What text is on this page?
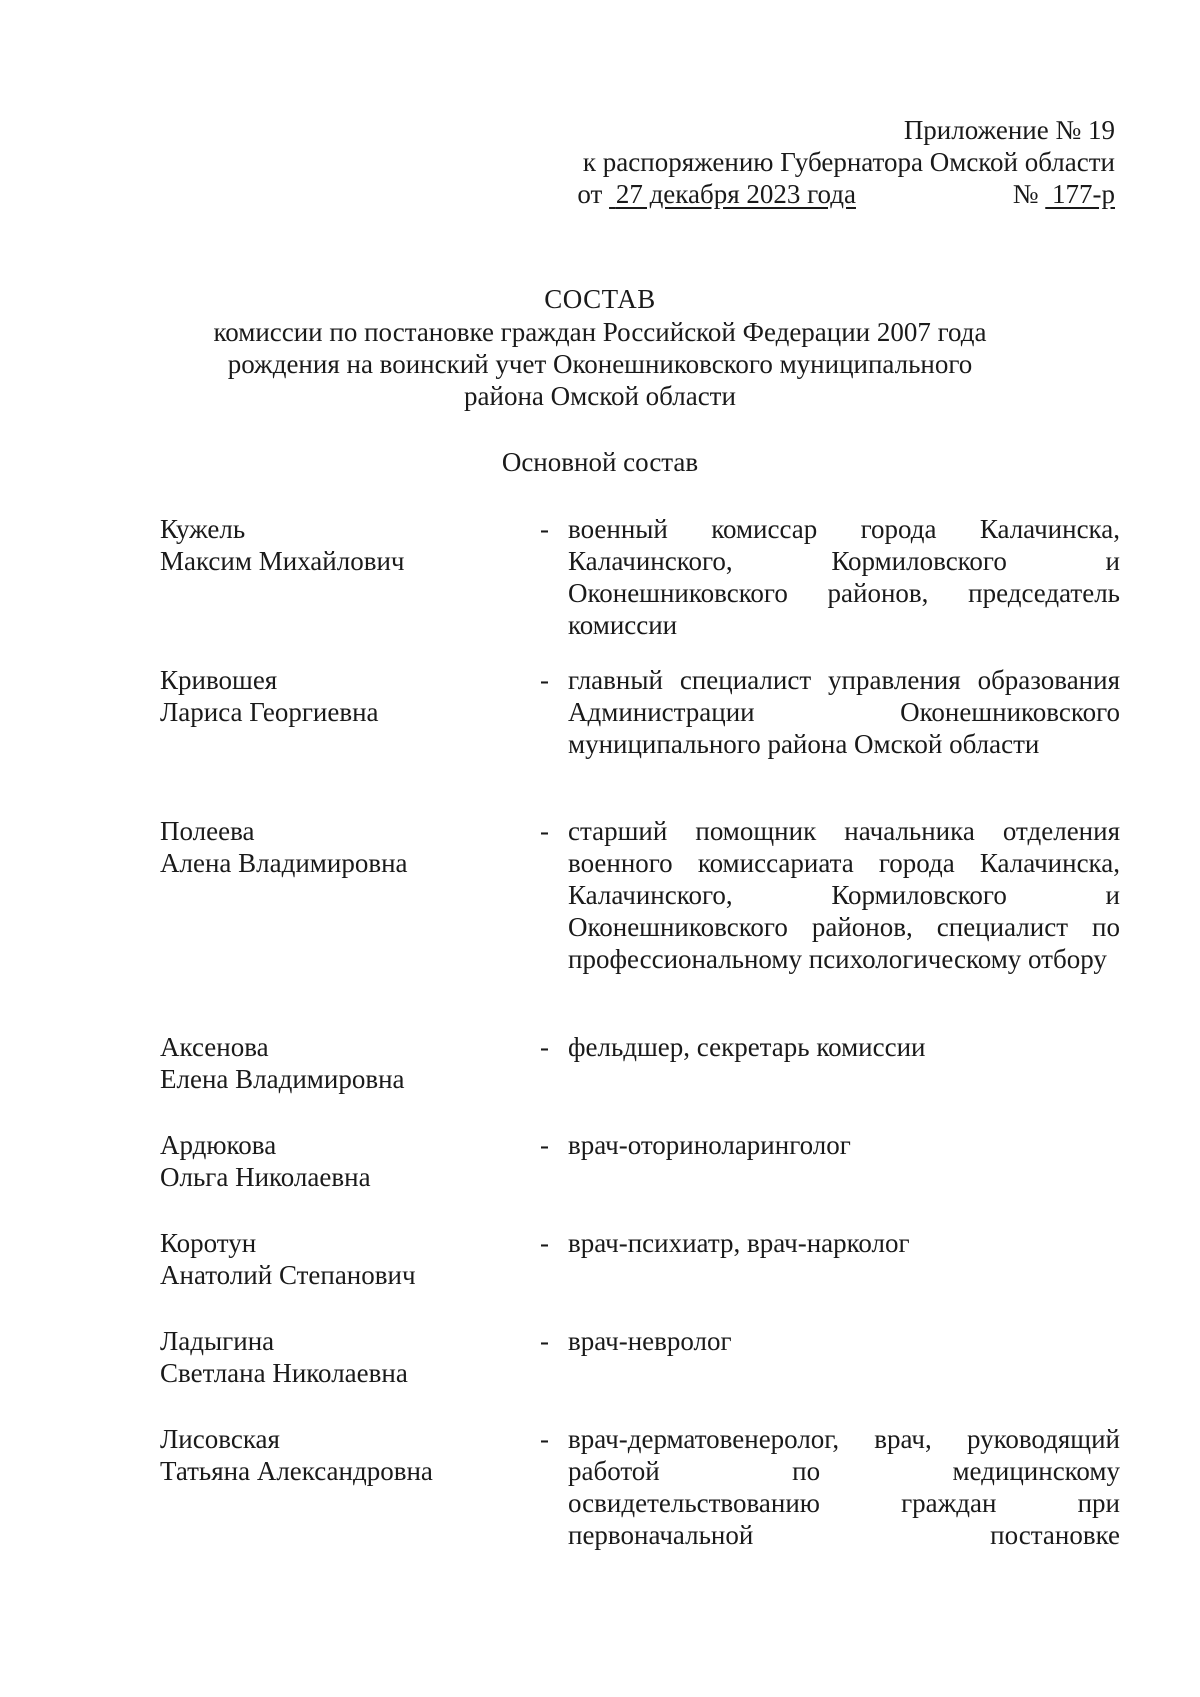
Приложение № 19
к распоряжению Губернатора Омской области
от 27 декабря 2023 года	№ 177-р
СОСТАВ
комиссии по постановке граждан Российской Федерации 2007 года
рождения на воинский учет Оконешниковского муниципального
района Омской области
Основной состав
Кужель
Максим Михайлович
- военный комиссар города Калачинска, Калачинского, Кормиловского и Оконешниковского районов, председатель комиссии
Кривошея
Лариса Георгиевна
- главный специалист управления образования Администрации Оконешниковского муниципального района Омской области
Полеева
Алена Владимировна
- старший помощник начальника отделения военного комиссариата города Калачинска, Калачинского, Кормиловского и Оконешниковского районов, специалист по профессиональному психологическому отбору
Аксенова
Елена Владимировна
- фельдшер, секретарь комиссии
Ардюкова
Ольга Николаевна
- врач-оториноларинголог
Коротун
Анатолий Степанович
- врач-психиатр, врач-нарколог
Ладыгина
Светлана Николаевна
- врач-невролог
Лисовская
Татьяна Александровна
- врач-дерматовенеролог, врач, руководящий работой по медицинскому освидетельствованию граждан при первоначальной постановке
